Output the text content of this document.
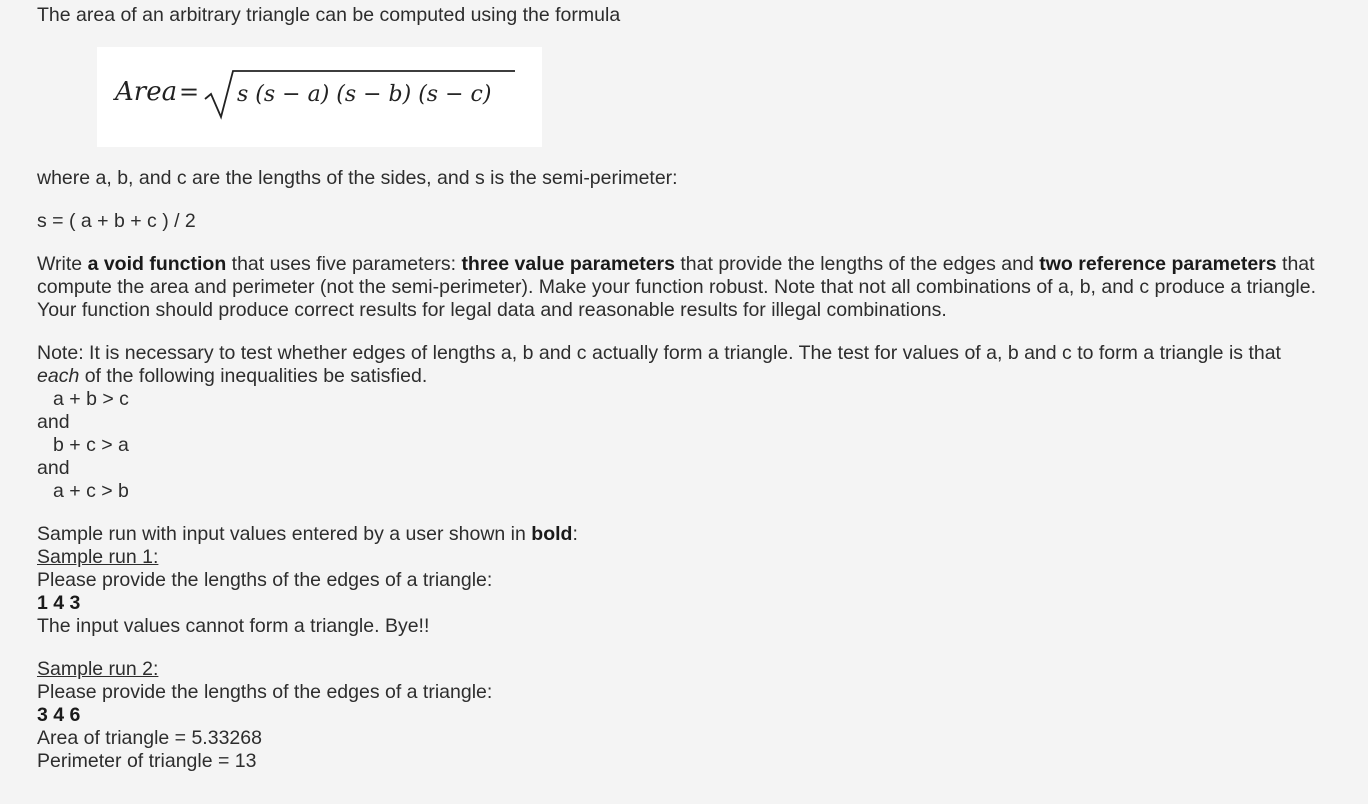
The area of an arbitrary triangle can be computed using the formula

Area = s (s − a) (s − b) (s − c)

where a, b, and c are the lengths of the sides, and s is the semi-perimeter:

s = ( a + b + c ) / 2

Write a void function that uses five parameters: three value parameters that provide the lengths of the edges and two reference parameters that compute the area and perimeter (not the semi-perimeter). Make your function robust. Note that not all combinations of a, b, and c produce a triangle. Your function should produce correct results for legal data and reasonable results for illegal combinations.

Note: It is necessary to test whether edges of lengths a, b and c actually form a triangle. The test for values of a, b and c to form a triangle is that each of the following inequalities be satisfied.

a + b > c

and

b + c > a

and

a + c > b

Sample run with input values entered by a user shown in bold:

Sample run 1:

Please provide the lengths of the edges of a triangle:

1 4 3

The input values cannot form a triangle. Bye!!

Sample run 2:

Please provide the lengths of the edges of a triangle:

3 4 6

Area of triangle = 5.33268

Perimeter of triangle = 13
